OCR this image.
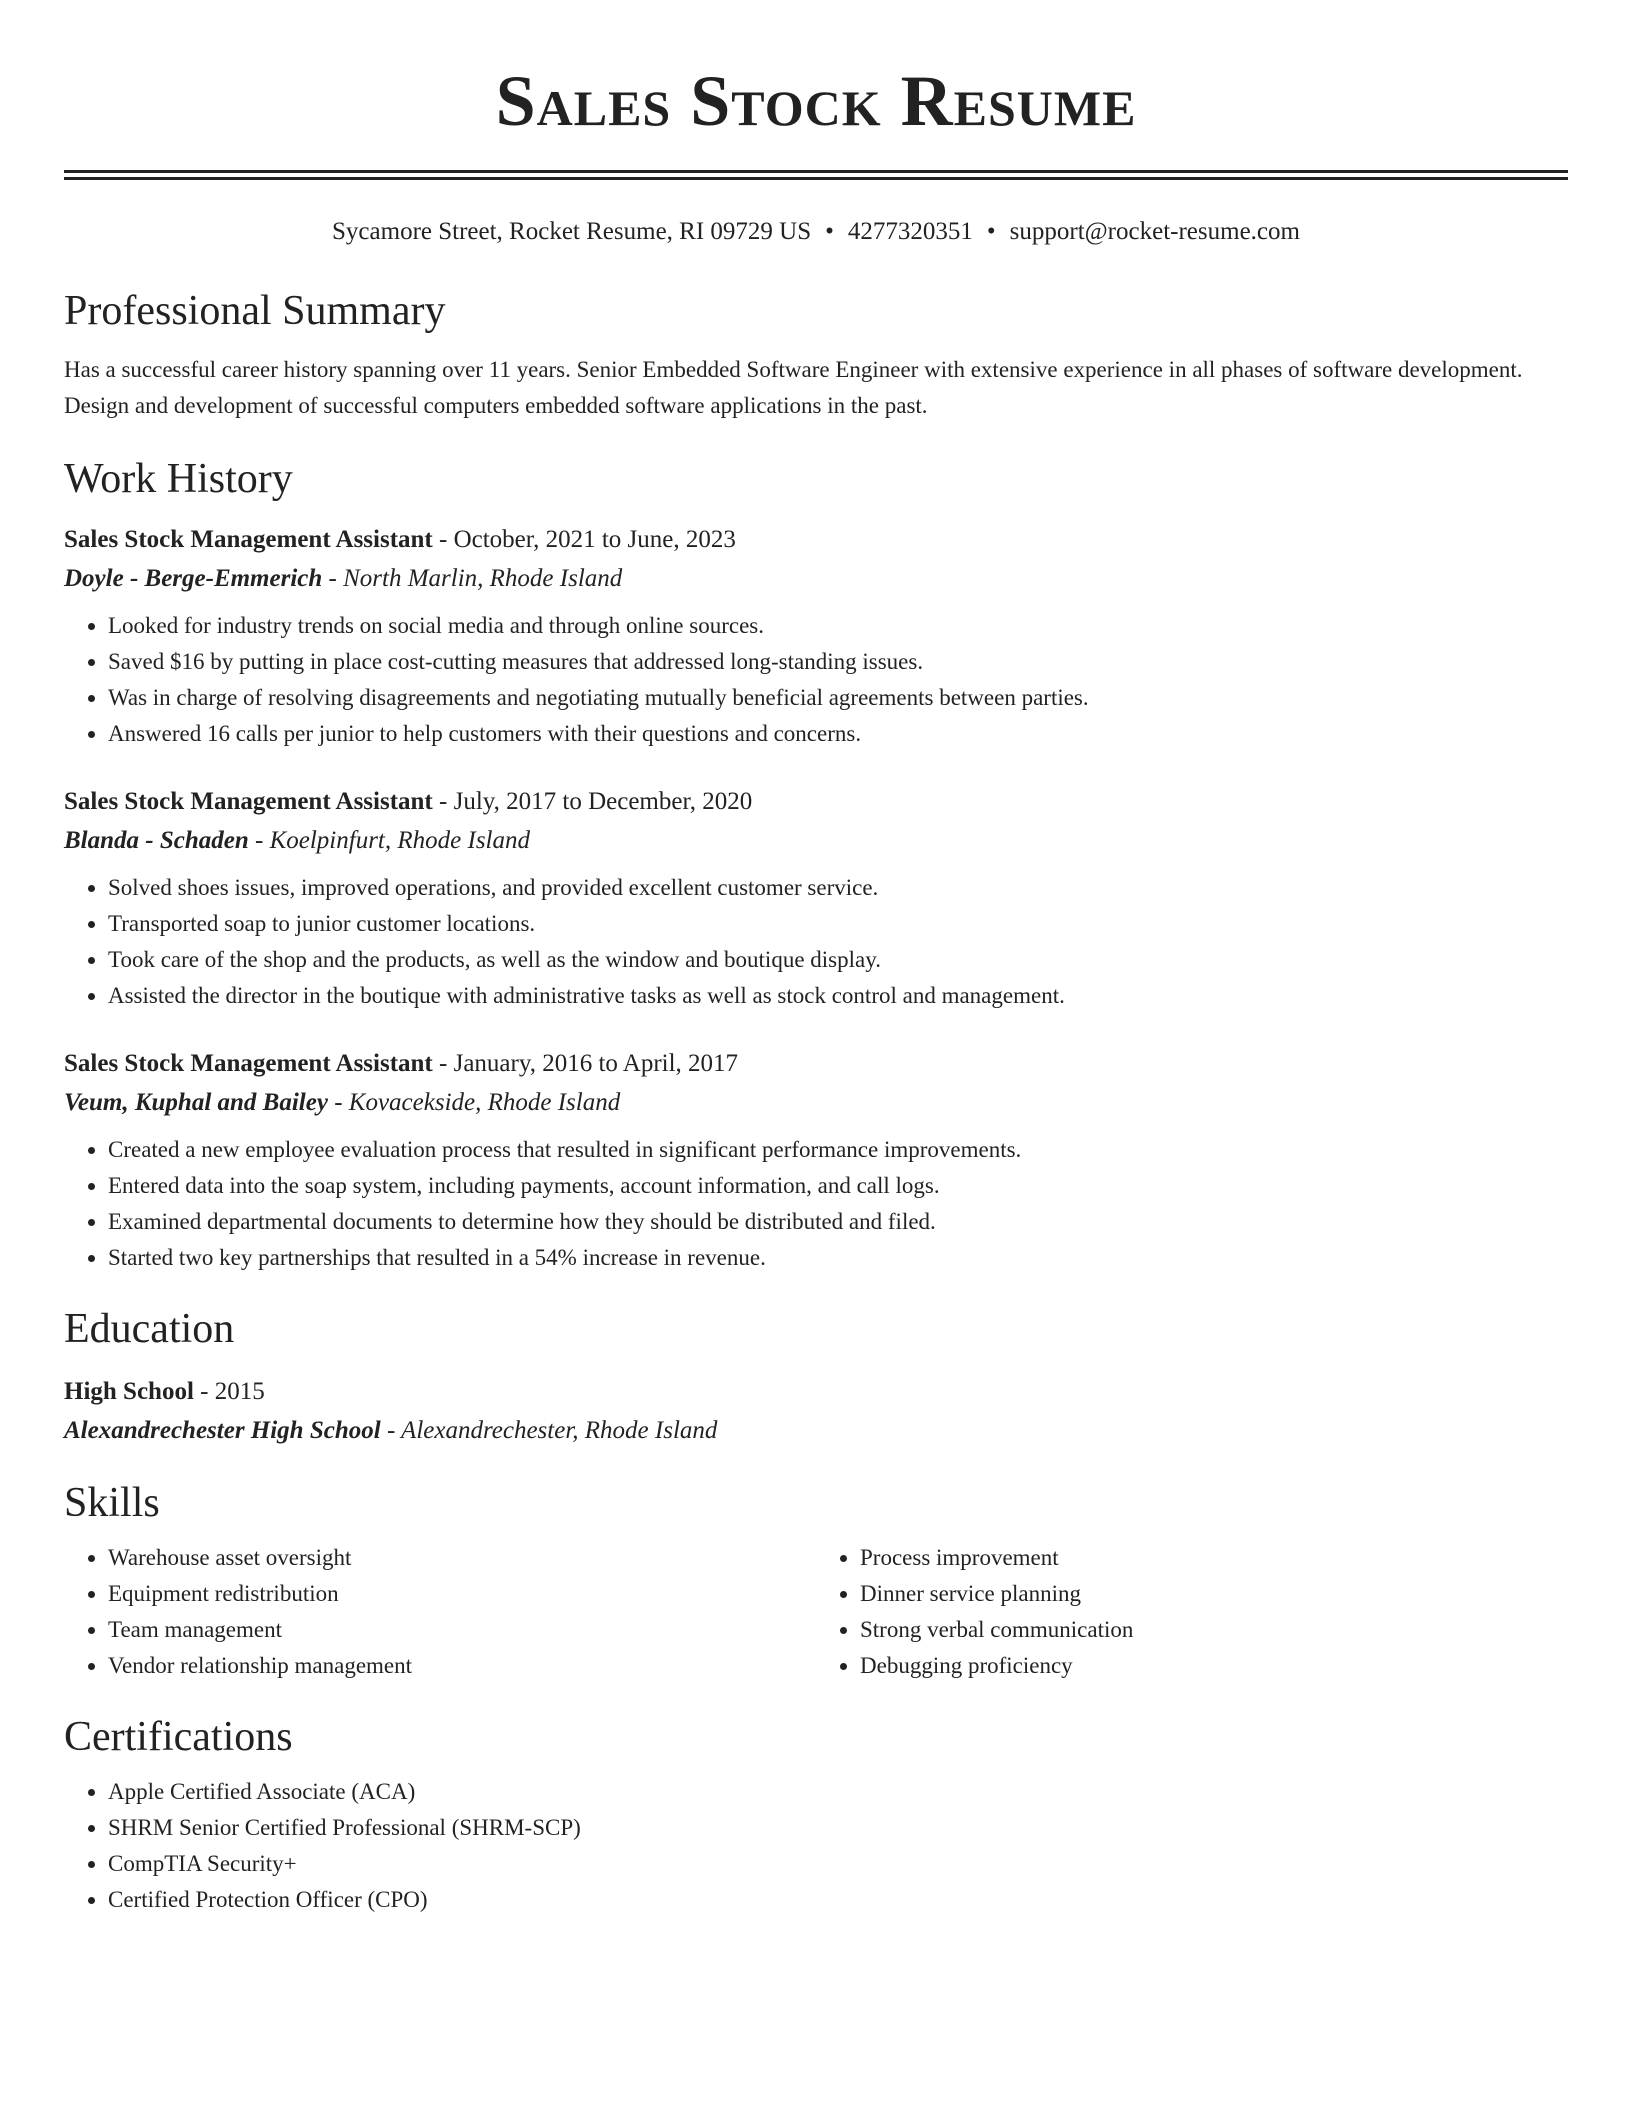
Sales Stock Resume
Sycamore Street, Rocket Resume, RI 09729 US • 4277320351 • support@rocket-resume.com
Professional Summary

Has a successful career history spanning over 11 years. Senior Embedded Software Engineer with extensive experience in all phases of software development. Design and development of successful computers embedded software applications in the past.

Work History
Sales Stock Management Assistant - October, 2021 to June, 2023
Doyle - Berge-Emmerich - North Marlin, Rhode Island
• Looked for industry trends on social media and through online sources.
• Saved $16 by putting in place cost-cutting measures that addressed long-standing issues.
• Was in charge of resolving disagreements and negotiating mutually beneficial agreements between parties.
• Answered 16 calls per junior to help customers with their questions and concerns.
Sales Stock Management Assistant - July, 2017 to December, 2020
Blanda - Schaden - Koelpinfurt, Rhode Island
• Solved shoes issues, improved operations, and provided excellent customer service.
• Transported soap to junior customer locations.
• Took care of the shop and the products, as well as the window and boutique display.
• Assisted the director in the boutique with administrative tasks as well as stock control and management.
Sales Stock Management Assistant - January, 2016 to April, 2017
Veum, Kuphal and Bailey - Kovacekside, Rhode Island
• Created a new employee evaluation process that resulted in significant performance improvements.
• Entered data into the soap system, including payments, account information, and call logs.
• Examined departmental documents to determine how they should be distributed and filed.
• Started two key partnerships that resulted in a 54% increase in revenue.
Education
High School - 2015
Alexandrechester High School - Alexandrechester, Rhode Island
Skills
• Warehouse asset oversight
• Equipment redistribution
• Team management
• Vendor relationship management
• Process improvement
• Dinner service planning
• Strong verbal communication
• Debugging proficiency
Certifications
• Apple Certified Associate (ACA)
• SHRM Senior Certified Professional (SHRM-SCP)
• CompTIA Security+
• Certified Protection Officer (CPO)
